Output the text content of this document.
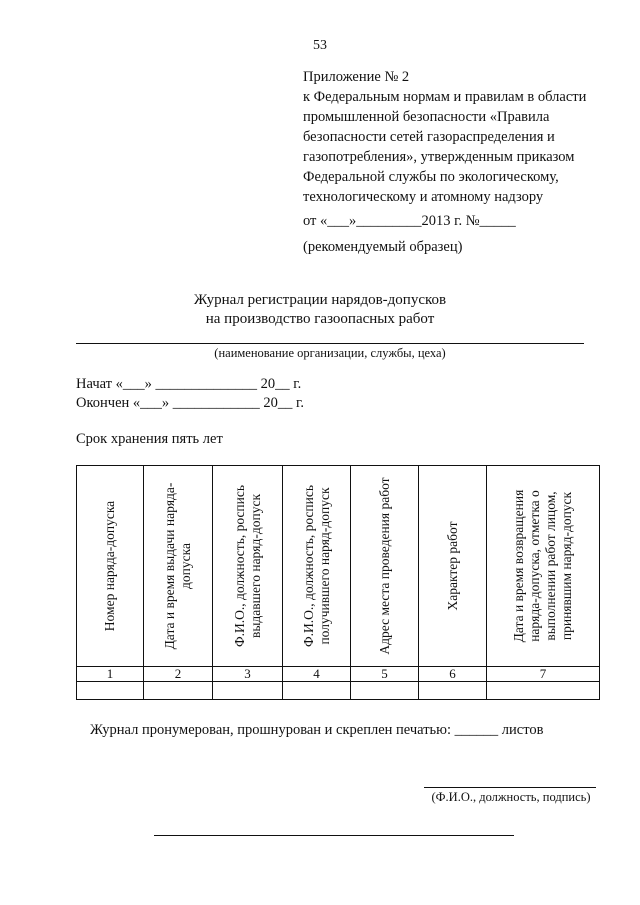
53
Приложение № 2
к Федеральным нормам и правилам в области
промышленной безопасности «Правила
безопасности сетей газораспределения и
газопотребления», утвержденным приказом
Федеральной службы по экологическому,
технологическому и атомному надзору
от «___»_________2013 г. №_____
(рекомендуемый образец)
Журнал регистрации нарядов-допусков
на производство газоопасных работ
(наименование организации, службы, цеха)
Начат «___» ______________ 20__ г.
Окончен «___» ____________ 20__ г.
Срок хранения пять лет
Номер наряда-допуска	Дата и время выдачи наряда-допуска	Ф.И.О., должность, роспись выдавшего наряд-допуск	Ф.И.О., должность, роспись получившего наряд-допуск	Адрес места проведения работ	Характер работ	Дата и время возвращения наряда-допуска, отметка о выполнении работ лицом, принявшим наряд-допуск

1	2	3	4	5	6	7

Журнал пронумерован, прошнурован и скреплен печатью: ______ листов
(Ф.И.О., должность, подпись)
